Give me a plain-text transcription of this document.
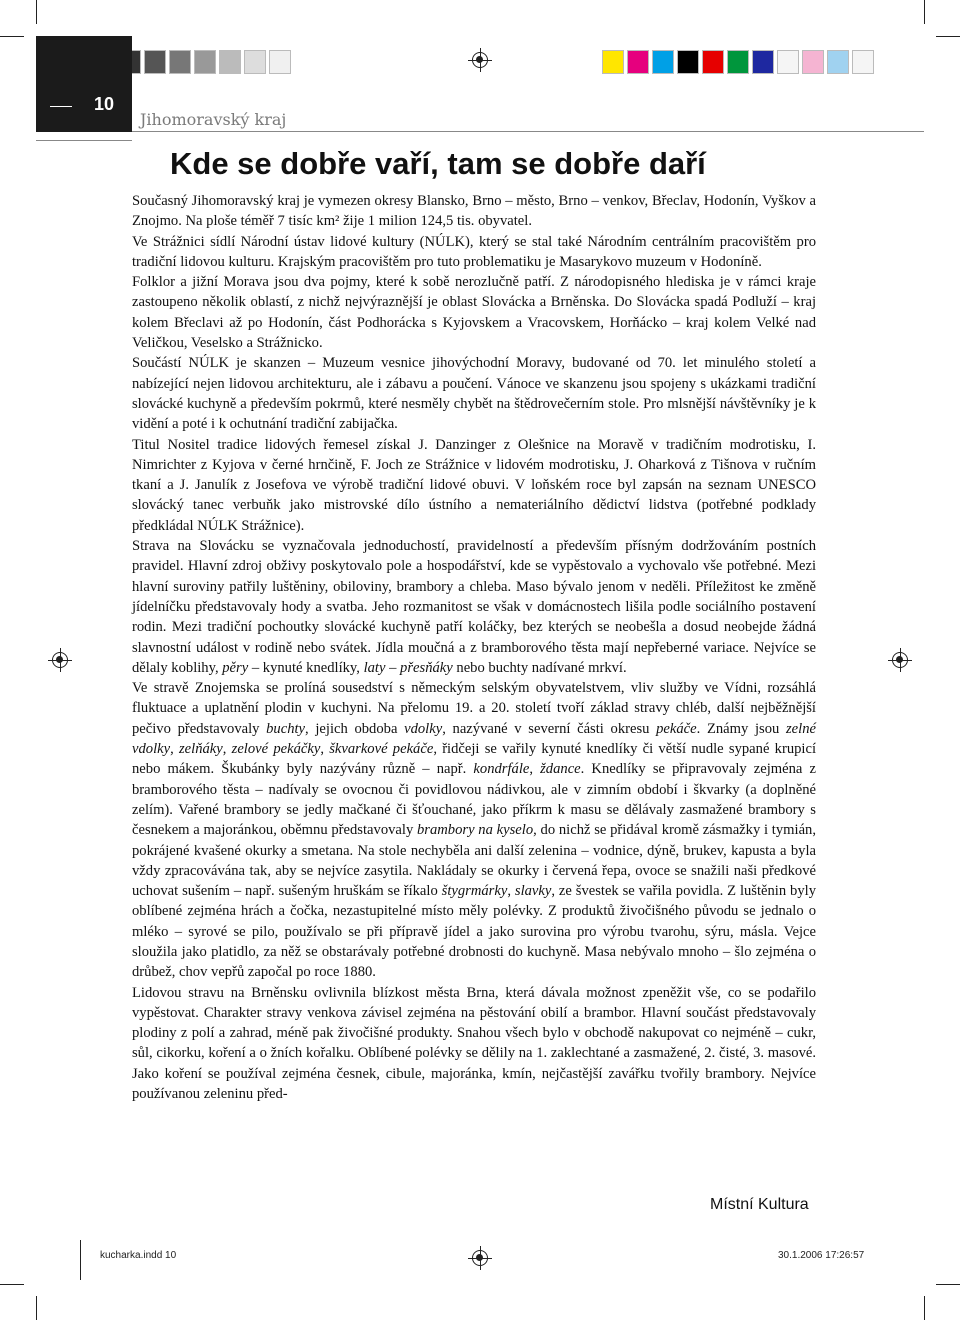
10
Jihomoravský kraj
Kde se dobře vaří, tam se dobře daří

Současný Jihomoravský kraj je vymezen okresy Blansko, Brno – město, Brno – venkov, Břeclav, Hodonín, Vyškov a Znojmo. Na ploše téměř 7 tisíc km² žije 1 milion 124,5 tis. obyvatel.

Ve Strážnici sídlí Národní ústav lidové kultury (NÚLK), který se stal také Národním centrálním pracovištěm pro tradiční lidovou kulturu. Krajským pracovištěm pro tuto problematiku je Masarykovo muzeum v Hodoníně.

Folklor a jižní Morava jsou dva pojmy, které k sobě nerozlučně patří. Z národopisného hlediska je v rámci kraje zastoupeno několik oblastí, z nichž nejvýraznější je oblast Slovácka a Brněnska. Do Slovácka spadá Podluží – kraj kolem Břeclavi až po Hodonín, část Podhorácka s Kyjovskem a Vracovskem, Horňácko – kraj kolem Velké nad Veličkou, Veselsko a Strážnicko.

Součástí NÚLK je skanzen – Muzeum vesnice jihovýchodní Moravy, budované od 70. let minulého století a nabízející nejen lidovou architekturu, ale i zábavu a poučení. Vánoce ve skanzenu jsou spojeny s ukázkami tradiční slovácké kuchyně a především pokrmů, které nesměly chybět na štědrovečerním stole. Pro mlsnější návštěvníky je k vidění a poté i k ochutnání tradiční zabijačka.

Titul Nositel tradice lidových řemesel získal J. Danzinger z Olešnice na Moravě v tradičním modrotisku, I. Nimrichter z Kyjova v černé hrnčině, F. Joch ze Strážnice v lidovém modrotisku, J. Oharková z Tišnova v ručním tkaní a J. Janulík z Josefova ve výrobě tradiční lidové obuvi. V loňském roce byl zapsán na seznam UNESCO slovácký tanec verbuňk jako mistrovské dílo ústního a nemateriálního dědictví lidstva (potřebné podklady předkládal NÚLK Strážnice).

Strava na Slovácku se vyznačovala jednoduchostí, pravidelností a především přísným dodržováním postních pravidel. Hlavní zdroj obživy poskytovalo pole a hospodářství, kde se vypěstovalo a vychovalo vše potřebné. Mezi hlavní suroviny patřily luštěniny, obiloviny, brambory a chleba. Maso bývalo jenom v neděli. Příležitost ke změně jídelníčku představovaly hody a svatba. Jeho rozmanitost se však v domácnostech lišila podle sociálního postavení rodin. Mezi tradiční pochoutky slovácké kuchyně patří koláčky, bez kterých se neobešla a dosud neobejde žádná slavnostní událost v rodině nebo svátek. Jídla moučná a z bramborového těsta mají nepřeberné variace. Nejvíce se dělaly koblihy, pěry – kynuté knedlíky, laty – přesňáky nebo buchty nadívané mrkví.

Ve stravě Znojemska se prolíná sousedství s německým selským obyvatelstvem, vliv služby ve Vídni, rozsáhlá fluktuace a uplatnění plodin v kuchyni. Na přelomu 19. a 20. století tvoří základ stravy chléb, další nejběžnější pečivo představovaly buchty, jejich obdoba vdolky, nazývané v severní části okresu pekáče. Známy jsou zelné vdolky, zelňáky, zelové pekáčky, škvarkové pekáče, řidčeji se vařily kynuté knedlíky či větší nudle sypané krupicí nebo mákem. Škubánky byly nazývány různě – např. kondrfále, ždance. Knedlíky se připravovaly zejména z bramborového těsta – nadívaly se ovocnou či povidlovou nádivkou, ale v zimním období i škvarky (a doplněné zelím). Vařené brambory se jedly mačkané či šťouchané, jako příkrm k masu se dělávaly zasmažené brambory s česnekem a majoránkou, oběmnu představovaly brambory na kyselo, do nichž se přidával kromě zásmažky i tymián, pokrájené kvašené okurky a smetana. Na stole nechyběla ani další zelenina – vodnice, dýně, brukev, kapusta a byla vždy zpracovávána tak, aby se nejvíce zasytila. Nakládaly se okurky i červená řepa, ovoce se snažili naši předkové uchovat sušením – např. sušeným hruškám se říkalo štygrmárky, slavky, ze švestek se vařila povidla. Z luštěnin byly oblíbené zejména hrách a čočka, nezastupitelné místo měly polévky. Z produktů živočišného původu se jednalo o mléko – syrové se pilo, používalo se při přípravě jídel a jako surovina pro výrobu tvarohu, sýru, másla. Vejce sloužila jako platidlo, za něž se obstarávaly potřebné drobnosti do kuchyně. Masa nebývalo mnoho – šlo zejména o drůbež, chov vepřů započal po roce 1880.

Lidovou stravu na Brněnsku ovlivnila blízkost města Brna, která dávala možnost zpeněžit vše, co se podařilo vypěstovat. Charakter stravy venkova závisel zejména na pěstování obilí a brambor. Hlavní součást představovaly plodiny z polí a zahrad, méně pak živočišné produkty. Snahou všech bylo v obchodě nakupovat co nejméně – cukr, sůl, cikorku, koření a o žních kořalku. Oblíbené polévky se dělily na 1. zaklechtané a zasmažené, 2. čisté, 3. masové. Jako koření se používal zejména česnek, cibule, majoránka, kmín, nejčastější zavářku tvořily brambory. Nejvíce používanou zeleninu před-

Místní Kultura
kucharka.indd 10	30.1.2006 17:26:57
